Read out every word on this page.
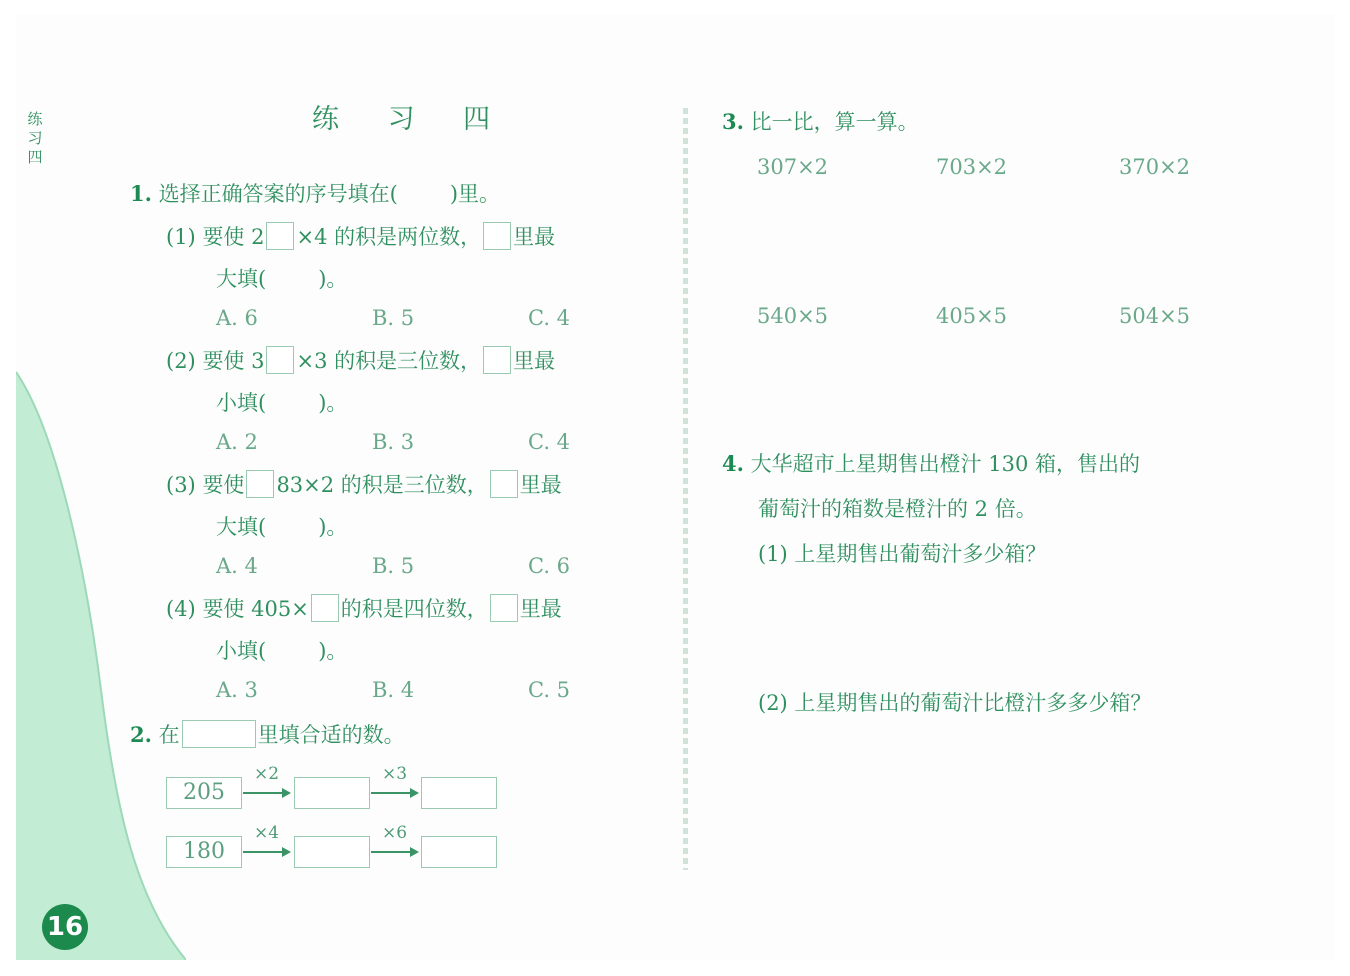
16
练
习
四
练 习 四
1. 选择正确答案的序号填在( )里。
(1) 要使 2 ×4 的积是两位数， 里最
大填( )。
A. 6	B. 5	C. 4
(2) 要使 3 ×3 的积是三位数， 里最
小填( )。
A. 2	B. 3	C. 4
(3) 要使 83×2 的积是三位数， 里最
大填( )。
A. 4	B. 5	C. 6
(4) 要使 405× 的积是四位数， 里最
小填( )。
A. 3	B. 4	C. 5
2. 在	里填合适的数。
205
×2	×3
180
×4	×6
3. 比一比，算一算。
307×2	703×2	370×2
540×5	405×5	504×5
4. 大华超市上星期售出橙汁 130 箱，售出的
葡萄汁的箱数是橙汁的 2 倍。
(1) 上星期售出葡萄汁多少箱？
(2) 上星期售出的葡萄汁比橙汁多多少箱？
